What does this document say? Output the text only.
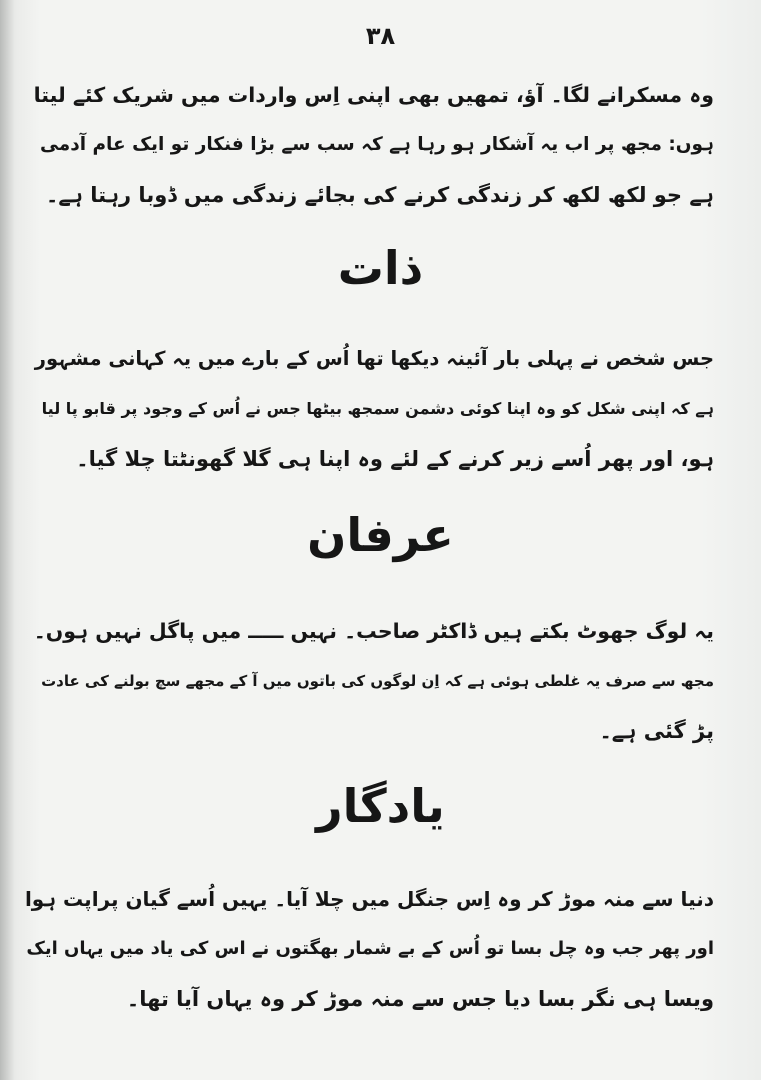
۳۸
وہ مسکرانے لگا۔ آؤ، تمھیں بھی اپنی اِس واردات میں شریک کئے لیتا
ہوں: مجھ پر اب یہ آشکار ہو رہا ہے کہ سب سے بڑا فنکار تو ایک عام آدمی
ہے جو لکھ لکھ کر زندگی کرنے کی بجائے زندگی میں ڈوبا رہتا ہے۔
ذات
جس شخص نے پہلی بار آئینہ دیکھا تھا اُس کے بارے میں یہ کہانی مشہور
ہے کہ اپنی شکل کو وہ اپنا کوئی دشمن سمجھ بیٹھا جس نے اُس کے وجود پر قابو پا لیا
ہو، اور پھر اُسے زیر کرنے کے لئے وہ اپنا ہی گلا گھونٹتا چلا گیا۔
عرفان
یہ لوگ جھوٹ بکتے ہیں ڈاکٹر صاحب۔ نہیں ـــــ میں پاگل نہیں ہوں۔
مجھ سے صرف یہ غلطی ہوئی ہے کہ اِن لوگوں کی باتوں میں آ کے مجھے سچ بولنے کی عادت
پڑ گئی ہے۔
یادگار
دنیا سے منہ موڑ کر وہ اِس جنگل میں چلا آیا۔ یہیں اُسے گیان پراپت ہوا
اور پھر جب وہ چل بسا تو اُس کے بے شمار بھگتوں نے اس کی یاد میں یہاں ایک
ویسا ہی نگر بسا دیا جس سے منہ موڑ کر وہ یہاں آیا تھا۔
